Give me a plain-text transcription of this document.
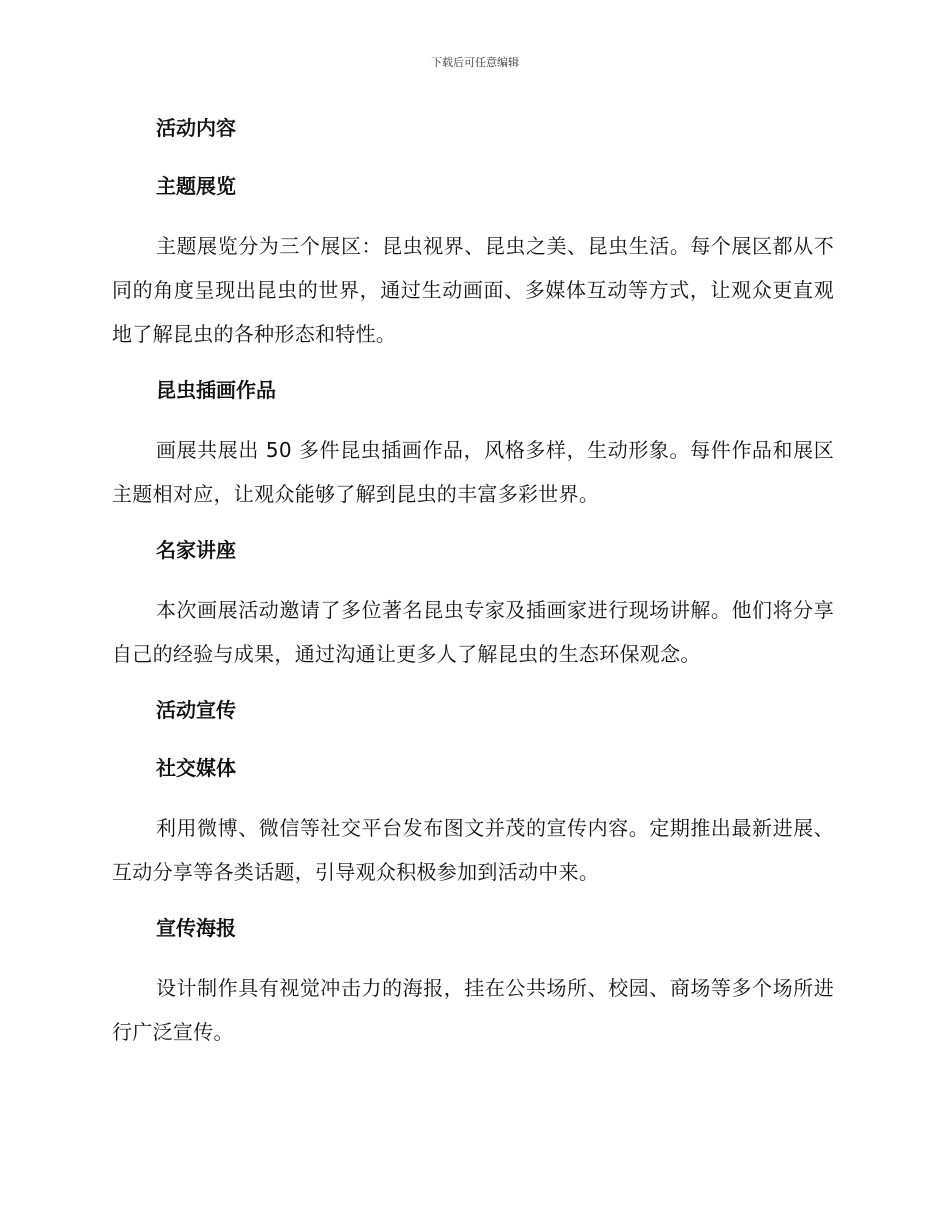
下载后可任意编辑
活动内容
主题展览

主题展览分为三个展区：昆虫视界、昆虫之美、昆虫生活。每个展区都从不同的角度呈现出昆虫的世界，通过生动画面、多媒体互动等方式，让观众更直观地了解昆虫的各种形态和特性。

昆虫插画作品

画展共展出 50 多件昆虫插画作品，风格多样，生动形象。每件作品和展区主题相对应，让观众能够了解到昆虫的丰富多彩世界。

名家讲座

本次画展活动邀请了多位著名昆虫专家及插画家进行现场讲解。他们将分享自己的经验与成果，通过沟通让更多人了解昆虫的生态环保观念。

活动宣传
社交媒体

利用微博、微信等社交平台发布图文并茂的宣传内容。定期推出最新进展、互动分享等各类话题，引导观众积极参加到活动中来。

宣传海报

设计制作具有视觉冲击力的海报，挂在公共场所、校园、商场等多个场所进行广泛宣传。
